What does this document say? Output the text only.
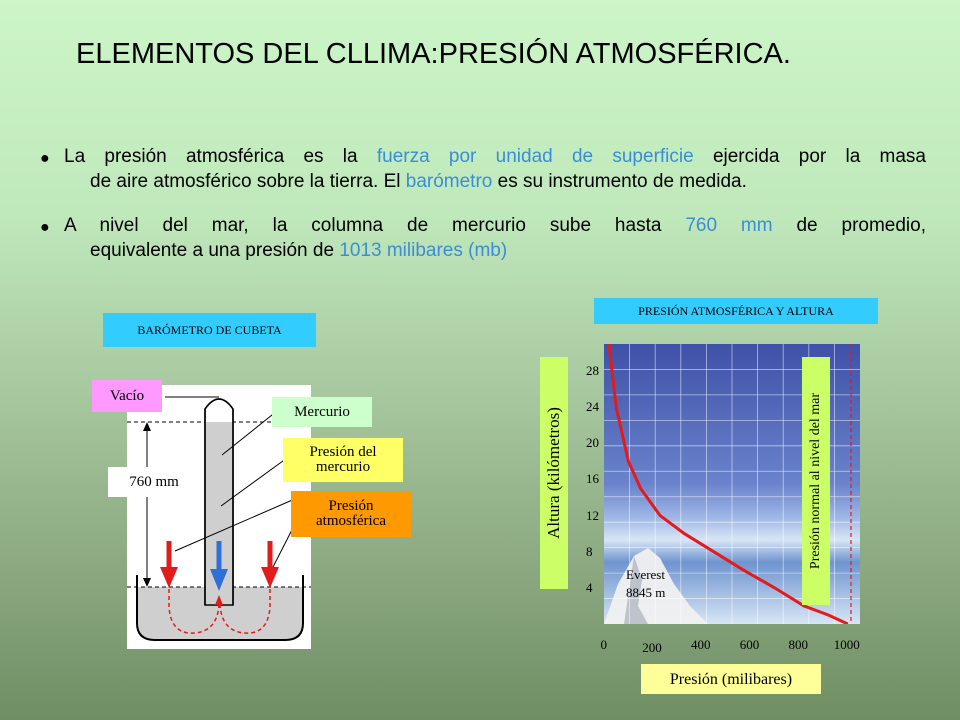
ELEMENTOS DEL CLLIMA:PRESIÓN ATMOSFÉRICA.
● La presión atmosférica es la fuerza por unidad de superficie ejercida por la masa
de aire atmosférico sobre la tierra. El barómetro es su instrumento de medida.
● A nivel del mar, la columna de mercurio sube hasta 760 mm de promedio,
equivalente a una presión de 1013 milibares (mb)
BARÓMETRO DE CUBETA
Vacío
Mercurio
Presión del mercurio
Presión atmosférica
760 mm
PRESIÓN ATMOSFÉRICA Y ALTURA
Altura (kilómetros)
Everest
8845 m
Presión normal al nivel del mar
4
8
12
16
20
24
28
0	200 400 600 800 1000
Presión (milibares)
